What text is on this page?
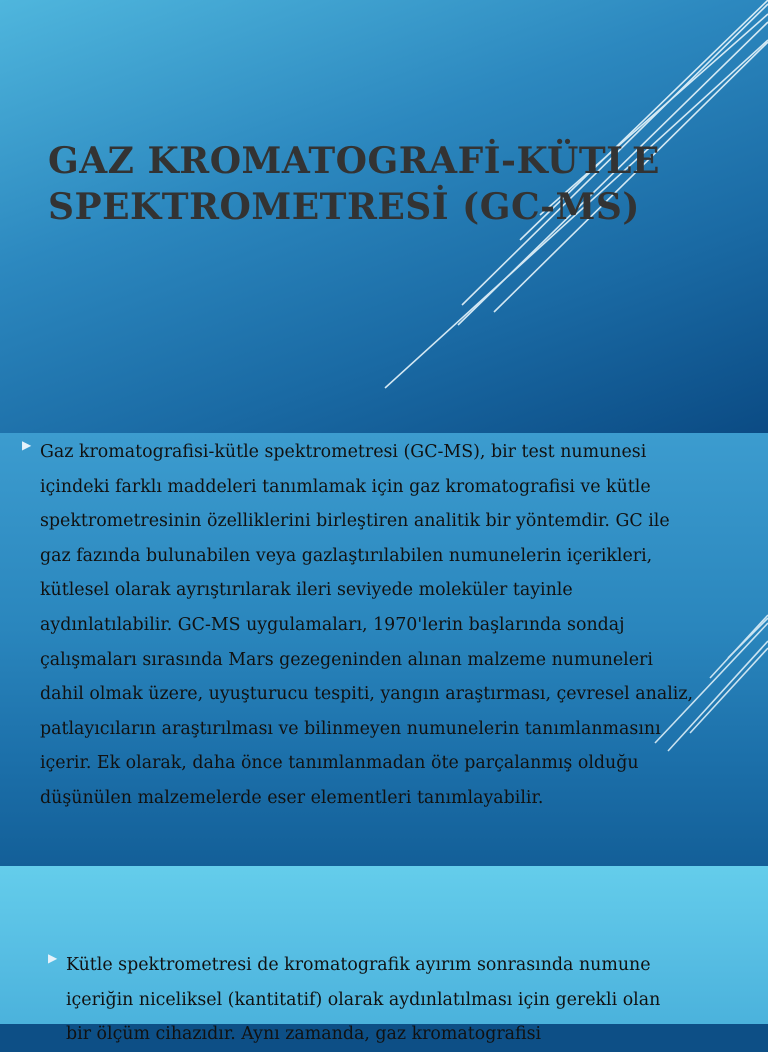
GAZ KROMATOGRAFİ-KÜTLE SPEKTROMETRESİ (GC-MS)
▶ Gaz kromatografisi-kütle spektrometresi (GC-MS), bir test numunesi içindeki farklı maddeleri tanımlamak için gaz kromatografisi ve kütle spektrometresinin özelliklerini birleştiren analitik bir yöntemdir. GC ile gaz fazında bulunabilen veya gazlaştırılabilen numunelerin içerikleri, kütlesel olarak ayrıştırılarak ileri seviyede moleküler tayinle aydınlatılabilir. GC-MS uygulamaları, 1970'lerin başlarında sondaj çalışmaları sırasında Mars gezegeninden alınan malzeme numuneleri dahil olmak üzere, uyuşturucu tespiti, yangın araştırması, çevresel analiz, patlayıcıların araştırılması ve bilinmeyen numunelerin tanımlanmasını içerir. Ek olarak, daha önce tanımlanmadan öte parçalanmış olduğu düşünülen malzemelerde eser elementleri tanımlayabilir.

▶ Kütle spektrometresi de kromatografik ayırım sonrasında numune içeriğin niceliksel (kantitatif) olarak aydınlatılması için gerekli olan bir ölçüm cihazıdır. Aynı zamanda, gaz kromatografisi
